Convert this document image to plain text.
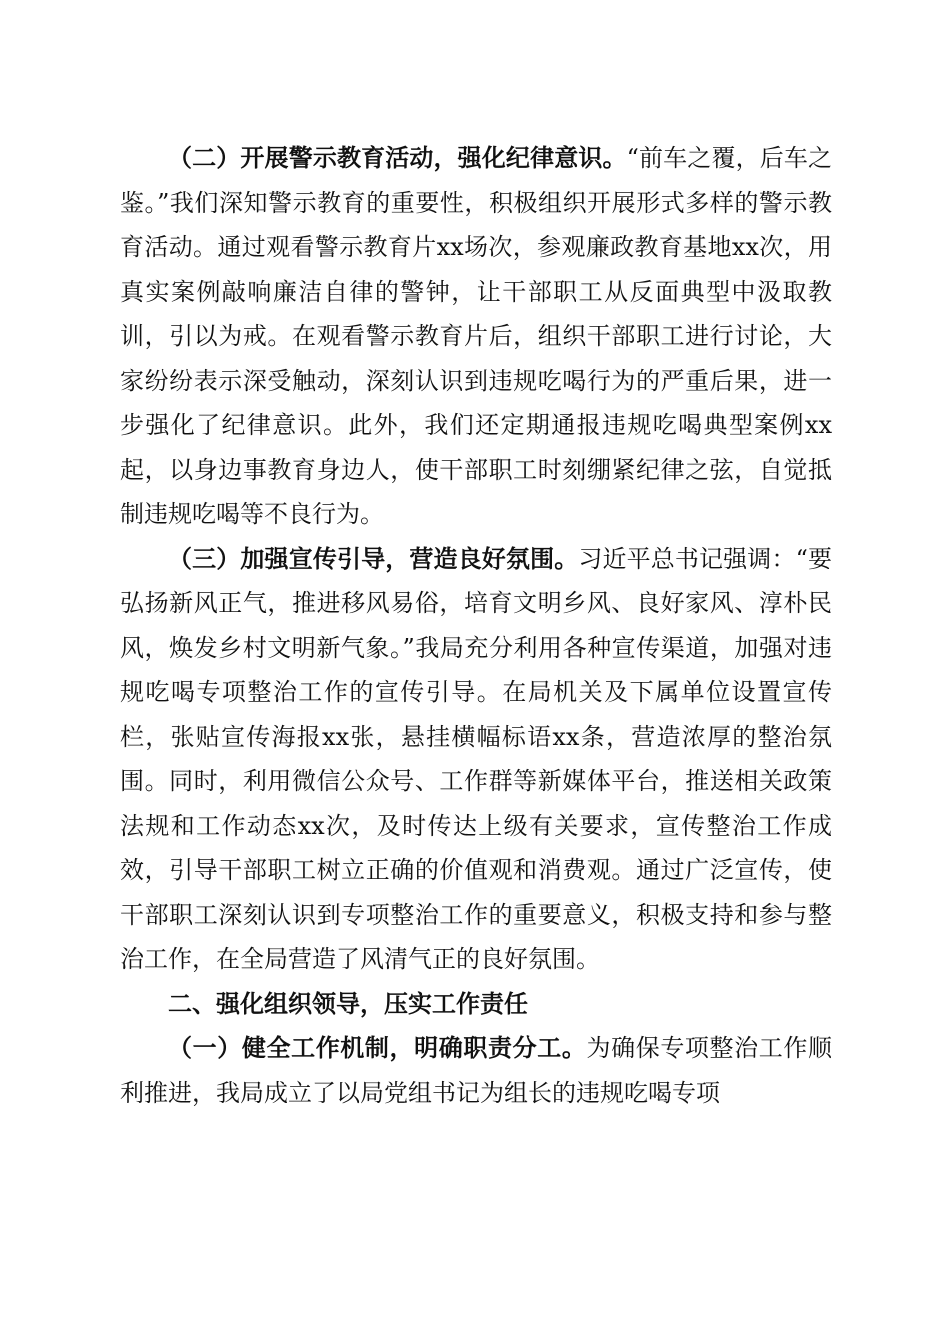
（二）开展警示教育活动，强化纪律意识。“前车之覆，后车之鉴。”我们深知警示教育的重要性，积极组织开展形式多样的警示教育活动。通过观看警示教育片xx场次，参观廉政教育基地xx次，用真实案例敲响廉洁自律的警钟，让干部职工从反面典型中汲取教训，引以为戒。在观看警示教育片后，组织干部职工进行讨论，大家纷纷表示深受触动，深刻认识到违规吃喝行为的严重后果，进一步强化了纪律意识。此外，我们还定期通报违规吃喝典型案例xx起，以身边事教育身边人，使干部职工时刻绷紧纪律之弦，自觉抵制违规吃喝等不良行为。

（三）加强宣传引导，营造良好氛围。习近平总书记强调：“要弘扬新风正气，推进移风易俗，培育文明乡风、良好家风、淳朴民风，焕发乡村文明新气象。”我局充分利用各种宣传渠道，加强对违规吃喝专项整治工作的宣传引导。在局机关及下属单位设置宣传栏，张贴宣传海报xx张，悬挂横幅标语xx条，营造浓厚的整治氛围。同时，利用微信公众号、工作群等新媒体平台，推送相关政策法规和工作动态xx次，及时传达上级有关要求，宣传整治工作成效，引导干部职工树立正确的价值观和消费观。通过广泛宣传，使干部职工深刻认识到专项整治工作的重要意义，积极支持和参与整治工作，在全局营造了风清气正的良好氛围。

二、强化组织领导，压实工作责任

（一）健全工作机制，明确职责分工。为确保专项整治工作顺利推进，我局成立了以局党组书记为组长的违规吃喝专项
